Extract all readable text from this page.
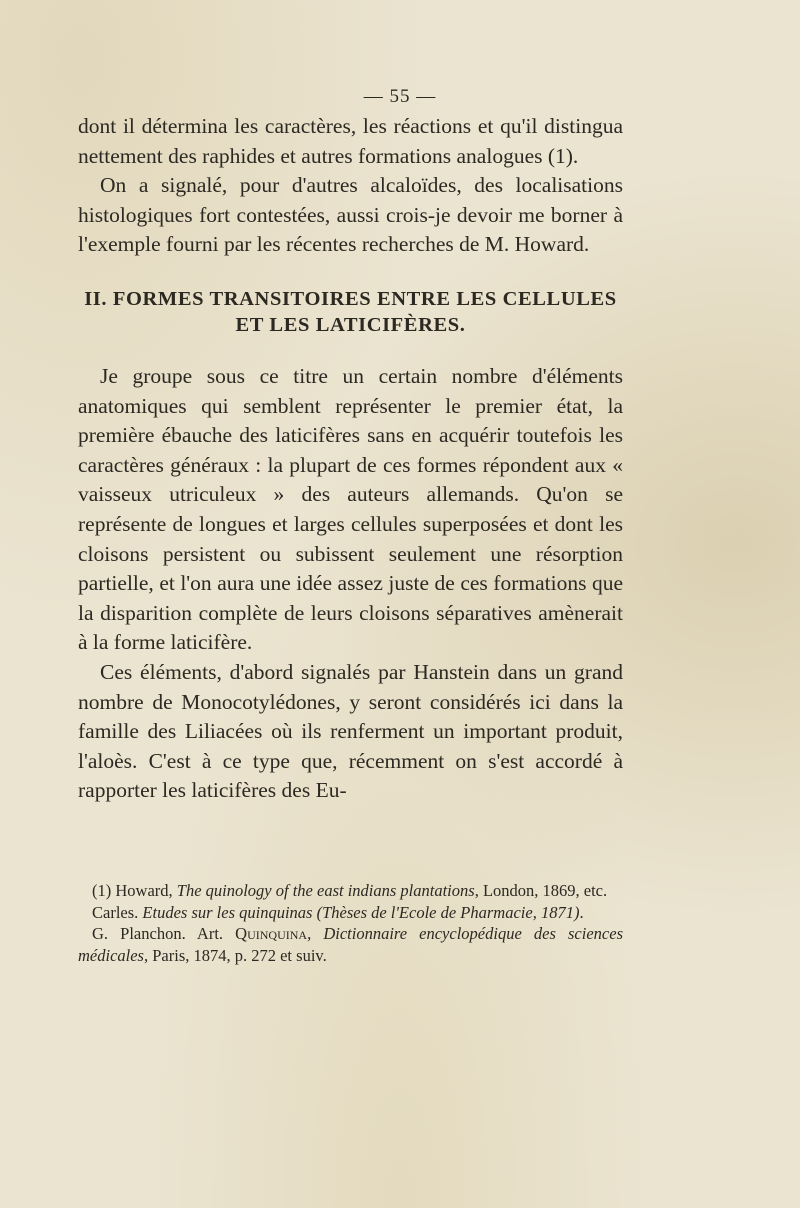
— 55 —

dont il détermina les caractères, les réactions et qu'il distingua nettement des raphides et autres formations analogues (1).

On a signalé, pour d'autres alcaloïdes, des localisations histologiques fort contestées, aussi crois-je devoir me borner à l'exemple fourni par les récentes recherches de M. Howard.

II. FORMES TRANSITOIRES ENTRE LES CELLULES
ET LES LATICIFÈRES.

Je groupe sous ce titre un certain nombre d'éléments anatomiques qui semblent représenter le premier état, la première ébauche des laticifères sans en acquérir toutefois les caractères généraux : la plupart de ces formes répondent aux « vaisseux utriculeux » des auteurs allemands. Qu'on se représente de longues et larges cellules superposées et dont les cloisons persistent ou subissent seulement une résorption partielle, et l'on aura une idée assez juste de ces formations que la disparition complète de leurs cloisons séparatives amènerait à la forme laticifère.

Ces éléments, d'abord signalés par Hanstein dans un grand nombre de Monocotylédones, y seront considérés ici dans la famille des Liliacées où ils renferment un important produit, l'aloès. C'est à ce type que, récemment on s'est accordé à rapporter les laticifères des Eu-

(1) Howard, The quinology of the east indians plantations, London, 1869, etc.

Carles. Etudes sur les quinquinas (Thèses de l'Ecole de Pharmacie, 1871).

G. Planchon. Art. Quinquina, Dictionnaire encyclopédique des sciences médicales, Paris, 1874, p. 272 et suiv.
